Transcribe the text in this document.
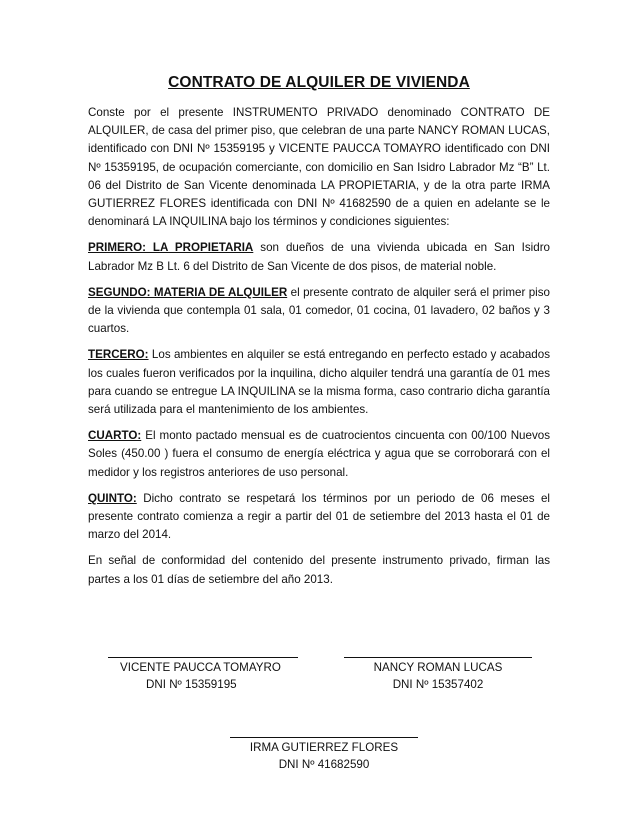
CONTRATO DE ALQUILER DE VIVIENDA

Conste por el presente INSTRUMENTO PRIVADO denominado CONTRATO DE ALQUILER, de casa del primer piso, que celebran de una parte NANCY ROMAN LUCAS, identificado con DNI Nº 15359195 y VICENTE PAUCCA TOMAYRO identificado con DNI Nº 15359195, de ocupación comerciante, con domicilio en San Isidro Labrador Mz “B” Lt. 06 del Distrito de San Vicente denominada LA PROPIETARIA, y de la otra parte IRMA GUTIERREZ FLORES identificada con DNI Nº 41682590 de a quien en adelante se le denominará LA INQUILINA bajo los términos y condiciones siguientes:

PRIMERO: LA PROPIETARIA son dueños de una vivienda ubicada en San Isidro Labrador Mz B Lt. 6 del Distrito de San Vicente de dos pisos, de material noble.

SEGUNDO: MATERIA DE ALQUILER el presente contrato de alquiler será el primer piso de la vivienda que contempla 01 sala, 01 comedor, 01 cocina, 01 lavadero, 02 baños y 3 cuartos.

TERCERO: Los ambientes en alquiler se está entregando en perfecto estado y acabados los cuales fueron verificados por la inquilina, dicho alquiler tendrá una garantía de 01 mes para cuando se entregue LA INQUILINA se la misma forma, caso contrario dicha garantía será utilizada para el mantenimiento de los ambientes.

CUARTO: El monto pactado mensual es de cuatrocientos cincuenta con 00/100 Nuevos Soles (450.00 ) fuera el consumo de energía eléctrica y agua que se corroborará con el medidor y los registros anteriores de uso personal.

QUINTO: Dicho contrato se respetará los términos por un periodo de 06 meses el presente contrato comienza a regir a partir del 01 de setiembre del 2013 hasta el 01 de marzo del 2014.

En señal de conformidad del contenido del presente instrumento privado, firman las partes a los 01 días de setiembre del año 2013.

VICENTE PAUCCA TOMAYRO
DNI Nº 15359195
NANCY ROMAN LUCAS
DNI Nº 15357402
IRMA GUTIERREZ FLORES
DNI Nº 41682590
